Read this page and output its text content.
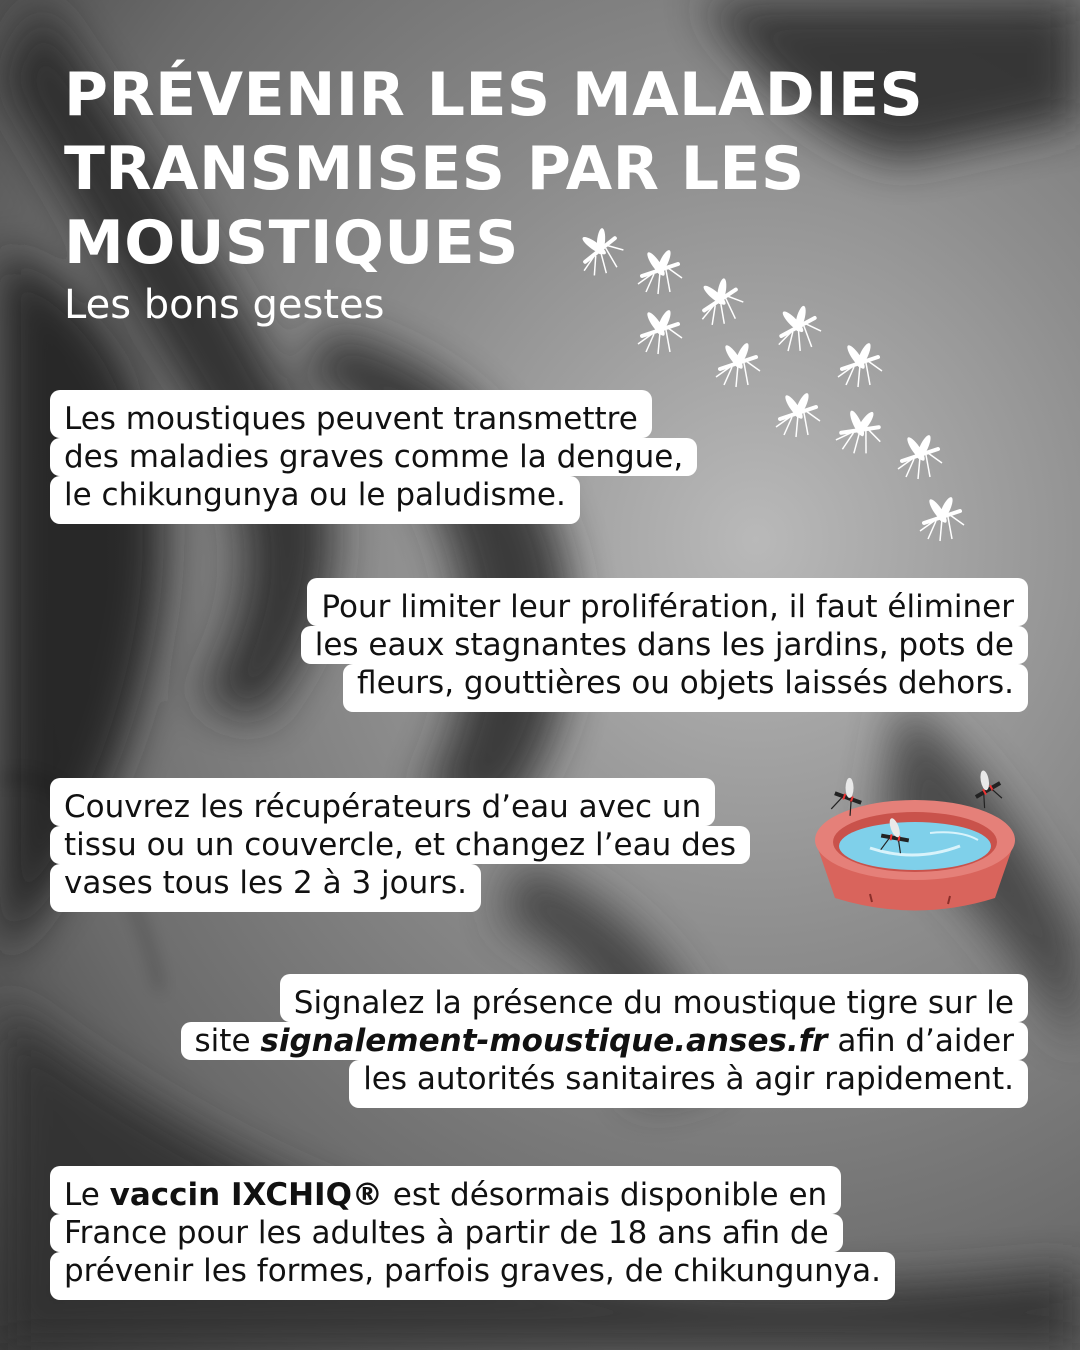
PRÉVENIR LES MALADIES
TRANSMISES PAR LES
MOUSTIQUES
Les bons gestes
Les moustiques peuvent transmettre
des maladies graves comme la dengue,
le chikungunya ou le paludisme.
Pour limiter leur prolifération, il faut éliminer
les eaux stagnantes dans les jardins, pots de
fleurs, gouttières ou objets laissés dehors.
Couvrez les récupérateurs d’eau avec un
tissu ou un couvercle, et changez l’eau des
vases tous les 2 à 3 jours.
Signalez la présence du moustique tigre sur le
site signalement-moustique.anses.fr afin d’aider
les autorités sanitaires à agir rapidement.
Le vaccin IXCHIQ® est désormais disponible en
France pour les adultes à partir de 18 ans afin de
prévenir les formes, parfois graves, de chikungunya.
